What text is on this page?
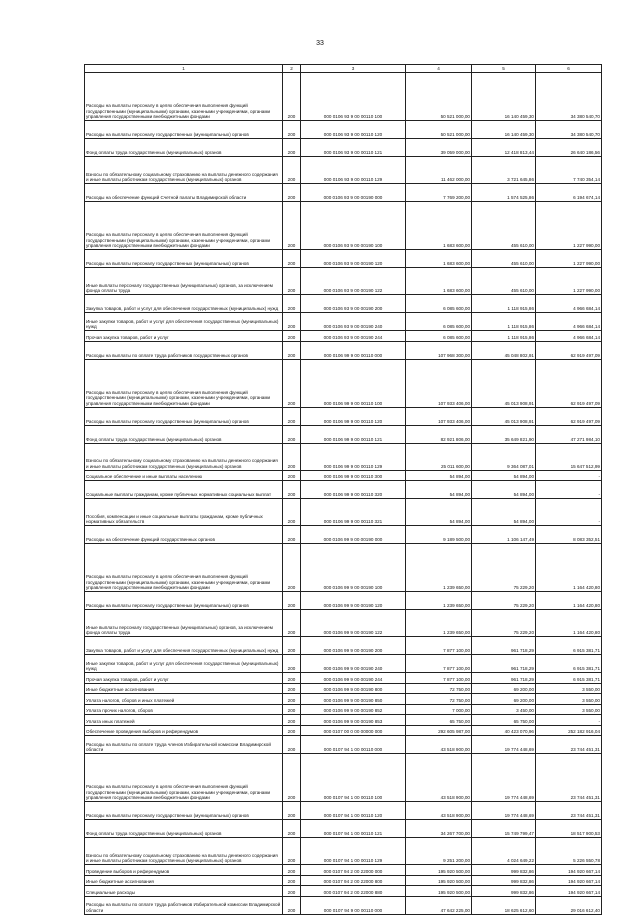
33
1	2	3	4	5	6
Расходы на выплаты персоналу в целях обеспечения выполнения функций государственными (муниципальными) органами, казенными учреждениями, органами управления государственными внебюджетными фондами	200	000 0106 93 9 00 00110 100	50 521 000,00	16 140 459,30	34 380 540,70
Расходы на выплаты персоналу государственных (муниципальных) органов	200	000 0106 93 9 00 00110 120	50 521 000,00	16 140 459,30	34 380 540,70
Фонд оплаты труда государственных (муниципальных) органов	200	000 0106 93 9 00 00110 121	39 059 000,00	12 418 813,44	26 640 186,56
Взносы по обязательному социальному страхованию на выплаты денежного содержания и иные выплаты работникам государственных (муниципальных) органов	200	000 0106 93 9 00 00110 129	11 462 000,00	3 721 645,86	7 740 354,14
Расходы на обеспечение функций Счетной палаты Владимирской области	200	000 0106 93 9 00 00190 000	7 769 200,00	1 574 525,86	6 194 674,14
Расходы на выплаты персоналу в целях обеспечения выполнения функций государственными (муниципальными) органами, казенными учреждениями, органами управления государственными внебюджетными фондами	200	000 0106 93 9 00 00190 100	1 683 600,00	455 610,00	1 227 990,00
Расходы на выплаты персоналу государственных (муниципальных) органов	200	000 0106 93 9 00 00190 120	1 683 600,00	455 610,00	1 227 990,00
Иные выплаты персоналу государственных (муниципальных) органов, за исключением фонда оплаты труда	200	000 0106 93 9 00 00190 122	1 683 600,00	455 610,00	1 227 990,00
Закупка товаров, работ и услуг для обеспечения государственных (муниципальных) нужд	200	000 0106 93 9 00 00190 200	6 085 600,00	1 118 915,86	4 966 684,14
Иные закупки товаров, работ и услуг для обеспечения государственных (муниципальных) нужд	200	000 0106 93 9 00 00190 240	6 085 600,00	1 118 915,86	4 966 684,14
Прочая закупка товаров, работ и услуг	200	000 0106 93 9 00 00190 244	6 085 600,00	1 118 915,86	4 966 684,14
Расходы на выплаты по оплате труда работников государственных органов	200	000 0106 99 9 00 00110 000	107 968 300,00	45 048 802,91	62 919 497,09
Расходы на выплаты персоналу в целях обеспечения выполнения функций государственными (муниципальными) органами, казенными учреждениями, органами управления государственными внебюджетными фондами	200	000 0106 99 9 00 00110 100	107 933 406,00	45 013 908,91	62 919 497,09
Расходы на выплаты персоналу государственных (муниципальных) органов	200	000 0106 99 9 00 00110 120	107 933 406,00	45 013 908,91	62 919 497,09
Фонд оплаты труда государственных (муниципальных) органов	200	000 0106 99 9 00 00110 121	82 921 806,00	35 649 821,90	47 271 984,10
Взносы по обязательному социальному страхованию на выплаты денежного содержания и иные выплаты работникам государственных (муниципальных) органов	200	000 0106 99 9 00 00110 129	25 011 600,00	9 364 087,01	15 647 512,99
Социальное обеспечение и иные выплаты населению	200	000 0106 99 9 00 00110 300	54 894,00	54 894,00	-
Социальные выплаты гражданам, кроме публичных нормативных социальных выплат	200	000 0106 99 9 00 00110 320	54 894,00	54 894,00	-
Пособия, компенсации и иные социальные выплаты гражданам, кроме публичных нормативных обязательств	200	000 0106 99 9 00 00110 321	54 894,00	54 894,00	-
Расходы на обеспечение функций государственных органов	200	000 0106 99 9 00 00190 000	9 189 500,00	1 106 147,49	8 083 352,51
Расходы на выплаты персоналу в целях обеспечения выполнения функций государственными (муниципальными) органами, казенными учреждениями, органами управления государственными внебюджетными фондами	200	000 0106 99 9 00 00190 100	1 239 650,00	75 229,20	1 164 420,80
Расходы на выплаты персоналу государственных (муниципальных) органов	200	000 0106 99 9 00 00190 120	1 239 650,00	75 229,20	1 164 420,80
Иные выплаты персоналу государственных (муниципальных) органов, за исключением фонда оплаты труда	200	000 0106 99 9 00 00190 122	1 239 650,00	75 229,20	1 164 420,80
Закупка товаров, работ и услуг для обеспечения государственных (муниципальных) нужд	200	000 0106 99 9 00 00190 200	7 877 100,00	961 718,29	6 915 381,71
Иные закупки товаров, работ и услуг для обеспечения государственных (муниципальных) нужд	200	000 0106 99 9 00 00190 240	7 877 100,00	961 718,29	6 915 381,71
Прочая закупка товаров, работ и услуг	200	000 0106 99 9 00 00190 244	7 877 100,00	961 718,29	6 915 381,71
Иные бюджетные ассигнования	200	000 0106 99 9 00 00190 800	72 750,00	69 200,00	3 550,00
Уплата налогов, сборов и иных платежей	200	000 0106 99 9 00 00190 850	72 750,00	69 200,00	3 550,00
Уплата прочих налогов, сборов	200	000 0106 99 9 00 00190 852	7 000,00	3 450,00	3 550,00
Уплата иных платежей	200	000 0106 99 9 00 00190 853	65 750,00	65 750,00	-
Обеспечение проведения выборов и референдумов	200	000 0107 00 0 00 00000 000	292 605 987,00	40 423 070,96	252 182 916,04
Расходы на выплаты по оплате труда членов Избирательной комиссии Владимирской области	200	000 0107 94 1 00 00110 000	43 518 900,00	19 774 448,69	23 744 451,31
Расходы на выплаты персоналу в целях обеспечения выполнения функций государственными (муниципальными) органами, казенными учреждениями, органами управления государственными внебюджетными фондами	200	000 0107 94 1 00 00110 100	43 518 900,00	19 774 448,69	23 744 451,31
Расходы на выплаты персоналу государственных (муниципальных) органов	200	000 0107 94 1 00 00110 120	43 518 900,00	19 774 448,69	23 744 451,31
Фонд оплаты труда государственных (муниципальных) органов	200	000 0107 94 1 00 00110 121	34 267 700,00	15 749 799,47	18 517 900,53
Взносы по обязательному социальному страхованию на выплаты денежного содержания и иные выплаты работникам государственных (муниципальных) органов	200	000 0107 94 1 00 00110 129	9 251 200,00	4 024 649,22	5 226 550,78
Проведение выборов и референдумов	200	000 0107 94 2 00 22000 000	195 920 500,00	999 832,86	194 920 667,14
Иные бюджетные ассигнования	200	000 0107 94 2 00 22000 800	195 920 500,00	999 832,86	194 920 667,14
Специальные расходы	200	000 0107 94 2 00 22000 880	195 920 500,00	999 832,86	194 920 667,14
Расходы на выплаты по оплате труда работников Избирательной комиссии Владимирской области	200	000 0107 94 9 00 00110 000	47 642 225,00	18 625 612,60	29 016 612,40
